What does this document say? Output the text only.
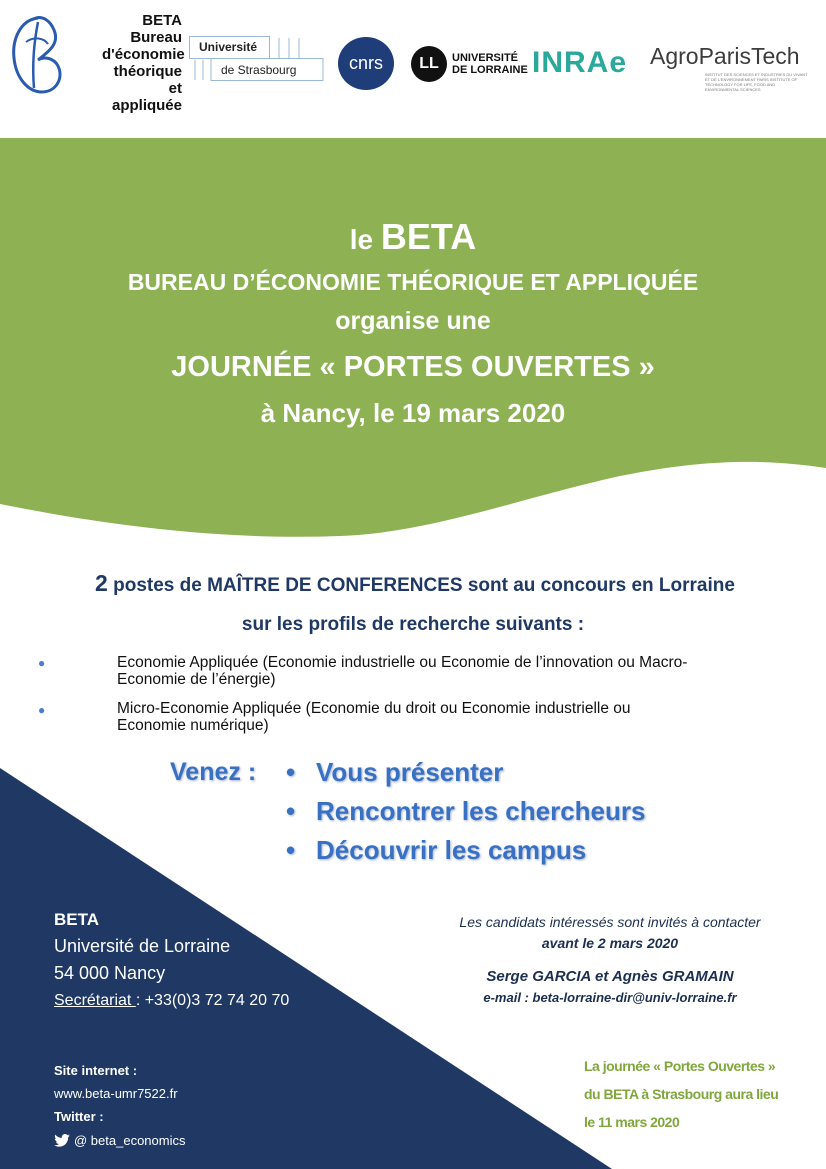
BETA
Bureau
d'économie
théorique
et appliquée
Université
de Strasbourg	cnrs	LL	UNIVERSITÉ
DE LORRAINE INRAe AgroParisTech
INSTITUT DES SCIENCES ET INDUSTRIES DU VIVANT ET DE L'ENVIRONNEMENT PARIS INSTITUTE OF TECHNOLOGY FOR LIFE, FOOD AND ENVIRONMENTAL SCIENCES
le BETA
BUREAU D’ÉCONOMIE THÉORIQUE ET APPLIQUÉE
organise une
JOURNÉE « PORTES OUVERTES »
à Nancy, le 19 mars 2020
2 postes de MAÎTRE DE CONFERENCES sont au concours en Lorraine
sur les profils de recherche suivants :
●	Economie Appliquée (Economie industrielle ou Economie de l’innovation ou Macro-
Economie de l’énergie)
●	Micro-Economie Appliquée (Economie du droit ou Economie industrielle ou
Economie numérique)
Venez : • Vous présenter
• Rencontrer les chercheurs
• Découvrir les campus
BETA
Université de Lorraine
54 000 Nancy
Secrétariat : +33(0)3 72 74 20 70
Site internet :
www.beta-umr7522.fr
Twitter :
@ beta_economics
Les candidats intéressés sont invités à contacter
avant le 2 mars 2020
Serge GARCIA et Agnès GRAMAIN
e-mail : beta-lorraine-dir@univ-lorraine.fr
La journée « Portes Ouvertes »
du BETA à Strasbourg aura lieu
le 11 mars 2020
